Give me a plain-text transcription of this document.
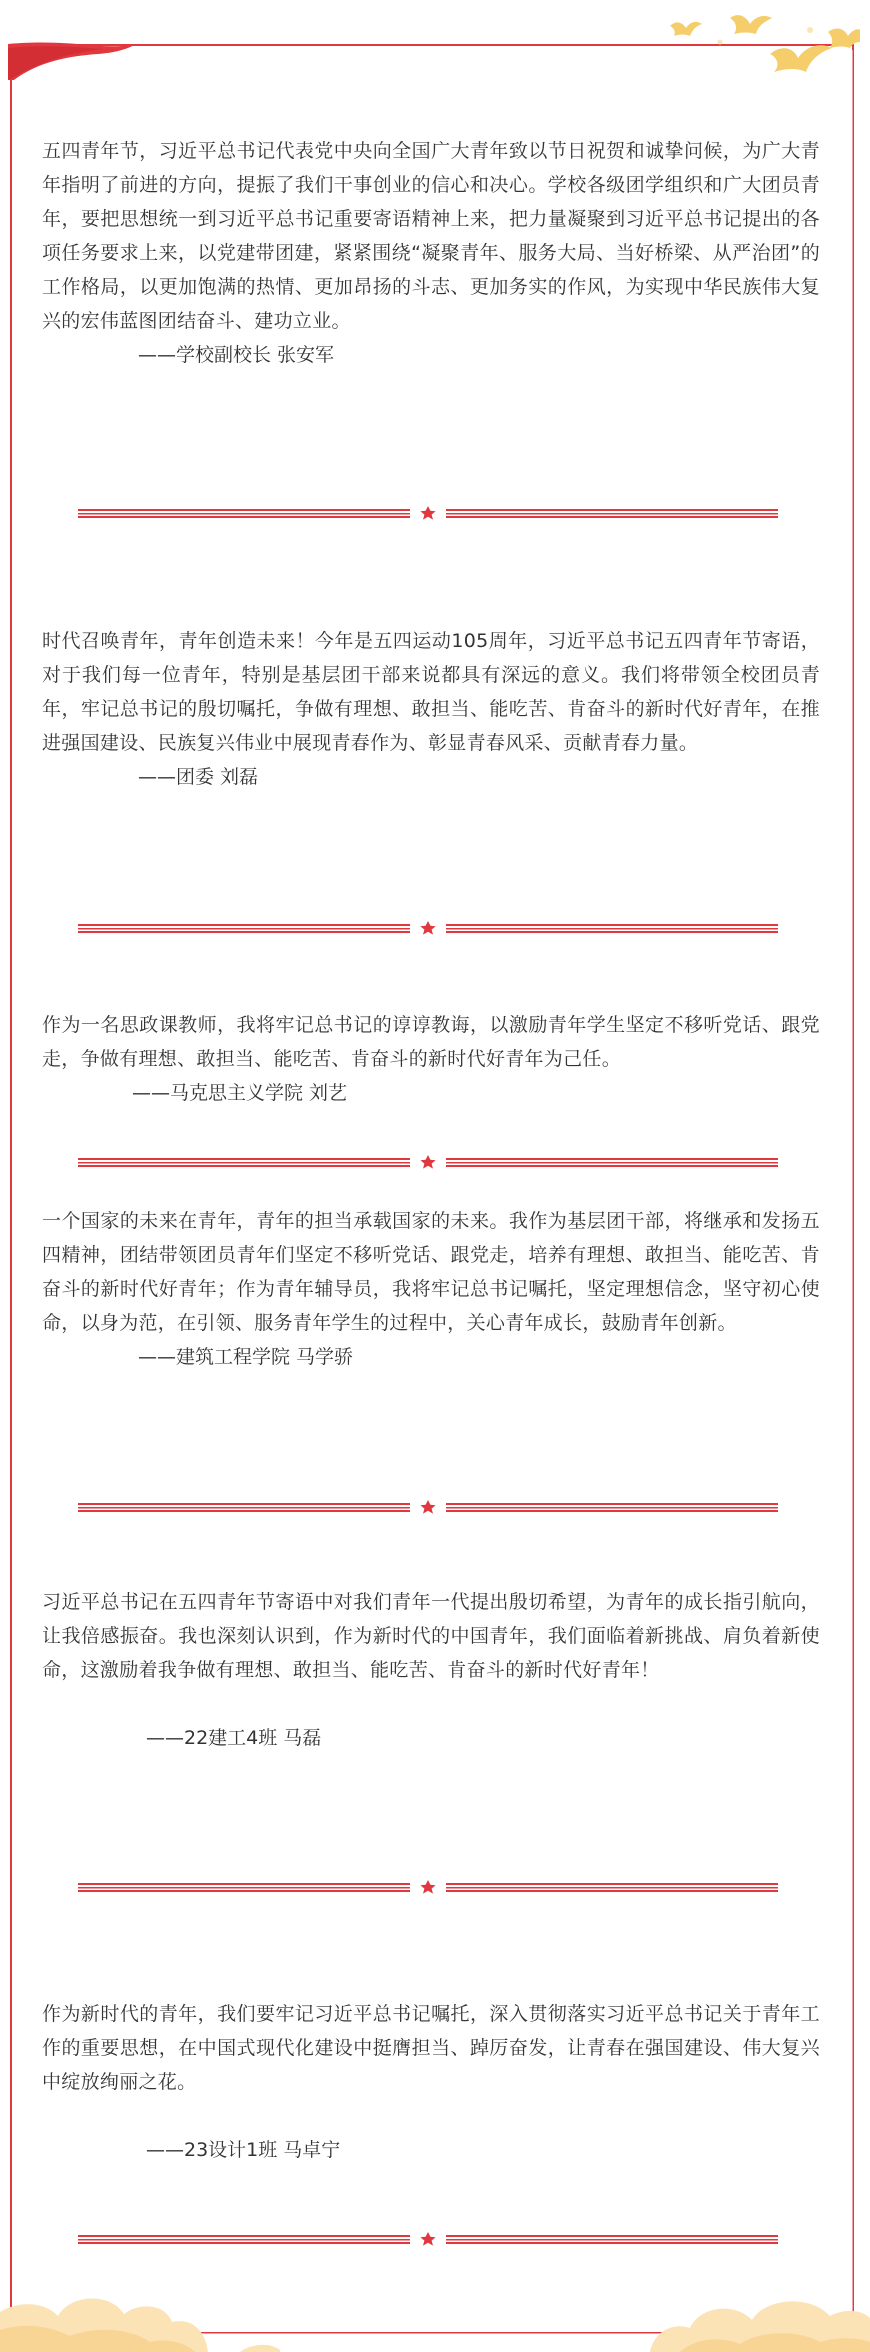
五四青年节，习近平总书记代表党中央向全国广大青年致以节日祝贺和诚挚问候，为广大青年指明了前进的方向，提振了我们干事创业的信心和决心。学校各级团学组织和广大团员青年，要把思想统一到习近平总书记重要寄语精神上来，把力量凝聚到习近平总书记提出的各项任务要求上来，以党建带团建，紧紧围绕“凝聚青年、服务大局、当好桥梁、从严治团”的工作格局，以更加饱满的热情、更加昂扬的斗志、更加务实的作风，为实现中华民族伟大复兴的宏伟蓝图团结奋斗、建功立业。

——学校副校长 张安军

时代召唤青年，青年创造未来！今年是五四运动105周年，习近平总书记五四青年节寄语，对于我们每一位青年，特别是基层团干部来说都具有深远的意义。我们将带领全校团员青年，牢记总书记的殷切嘱托，争做有理想、敢担当、能吃苦、肯奋斗的新时代好青年，在推进强国建设、民族复兴伟业中展现青春作为、彰显青春风采、贡献青春力量。

——团委 刘磊

作为一名思政课教师，我将牢记总书记的谆谆教诲，以激励青年学生坚定不移听党话、跟党走，争做有理想、敢担当、能吃苦、肯奋斗的新时代好青年为己任。

——马克思主义学院 刘艺

一个国家的未来在青年，青年的担当承载国家的未来。我作为基层团干部，将继承和发扬五四精神，团结带领团员青年们坚定不移听党话、跟党走，培养有理想、敢担当、能吃苦、肯奋斗的新时代好青年；作为青年辅导员，我将牢记总书记嘱托，坚定理想信念，坚守初心使命，以身为范，在引领、服务青年学生的过程中，关心青年成长，鼓励青年创新。

——建筑工程学院 马学骄

习近平总书记在五四青年节寄语中对我们青年一代提出殷切希望，为青年的成长指引航向，让我倍感振奋。我也深刻认识到，作为新时代的中国青年，我们面临着新挑战、肩负着新使命，这激励着我争做有理想、敢担当、能吃苦、肯奋斗的新时代好青年！

——22建工4班 马磊

作为新时代的青年，我们要牢记习近平总书记嘱托，深入贯彻落实习近平总书记关于青年工作的重要思想，在中国式现代化建设中挺膺担当、踔厉奋发，让青春在强国建设、伟大复兴中绽放绚丽之花。

——23设计1班 马卓宁
